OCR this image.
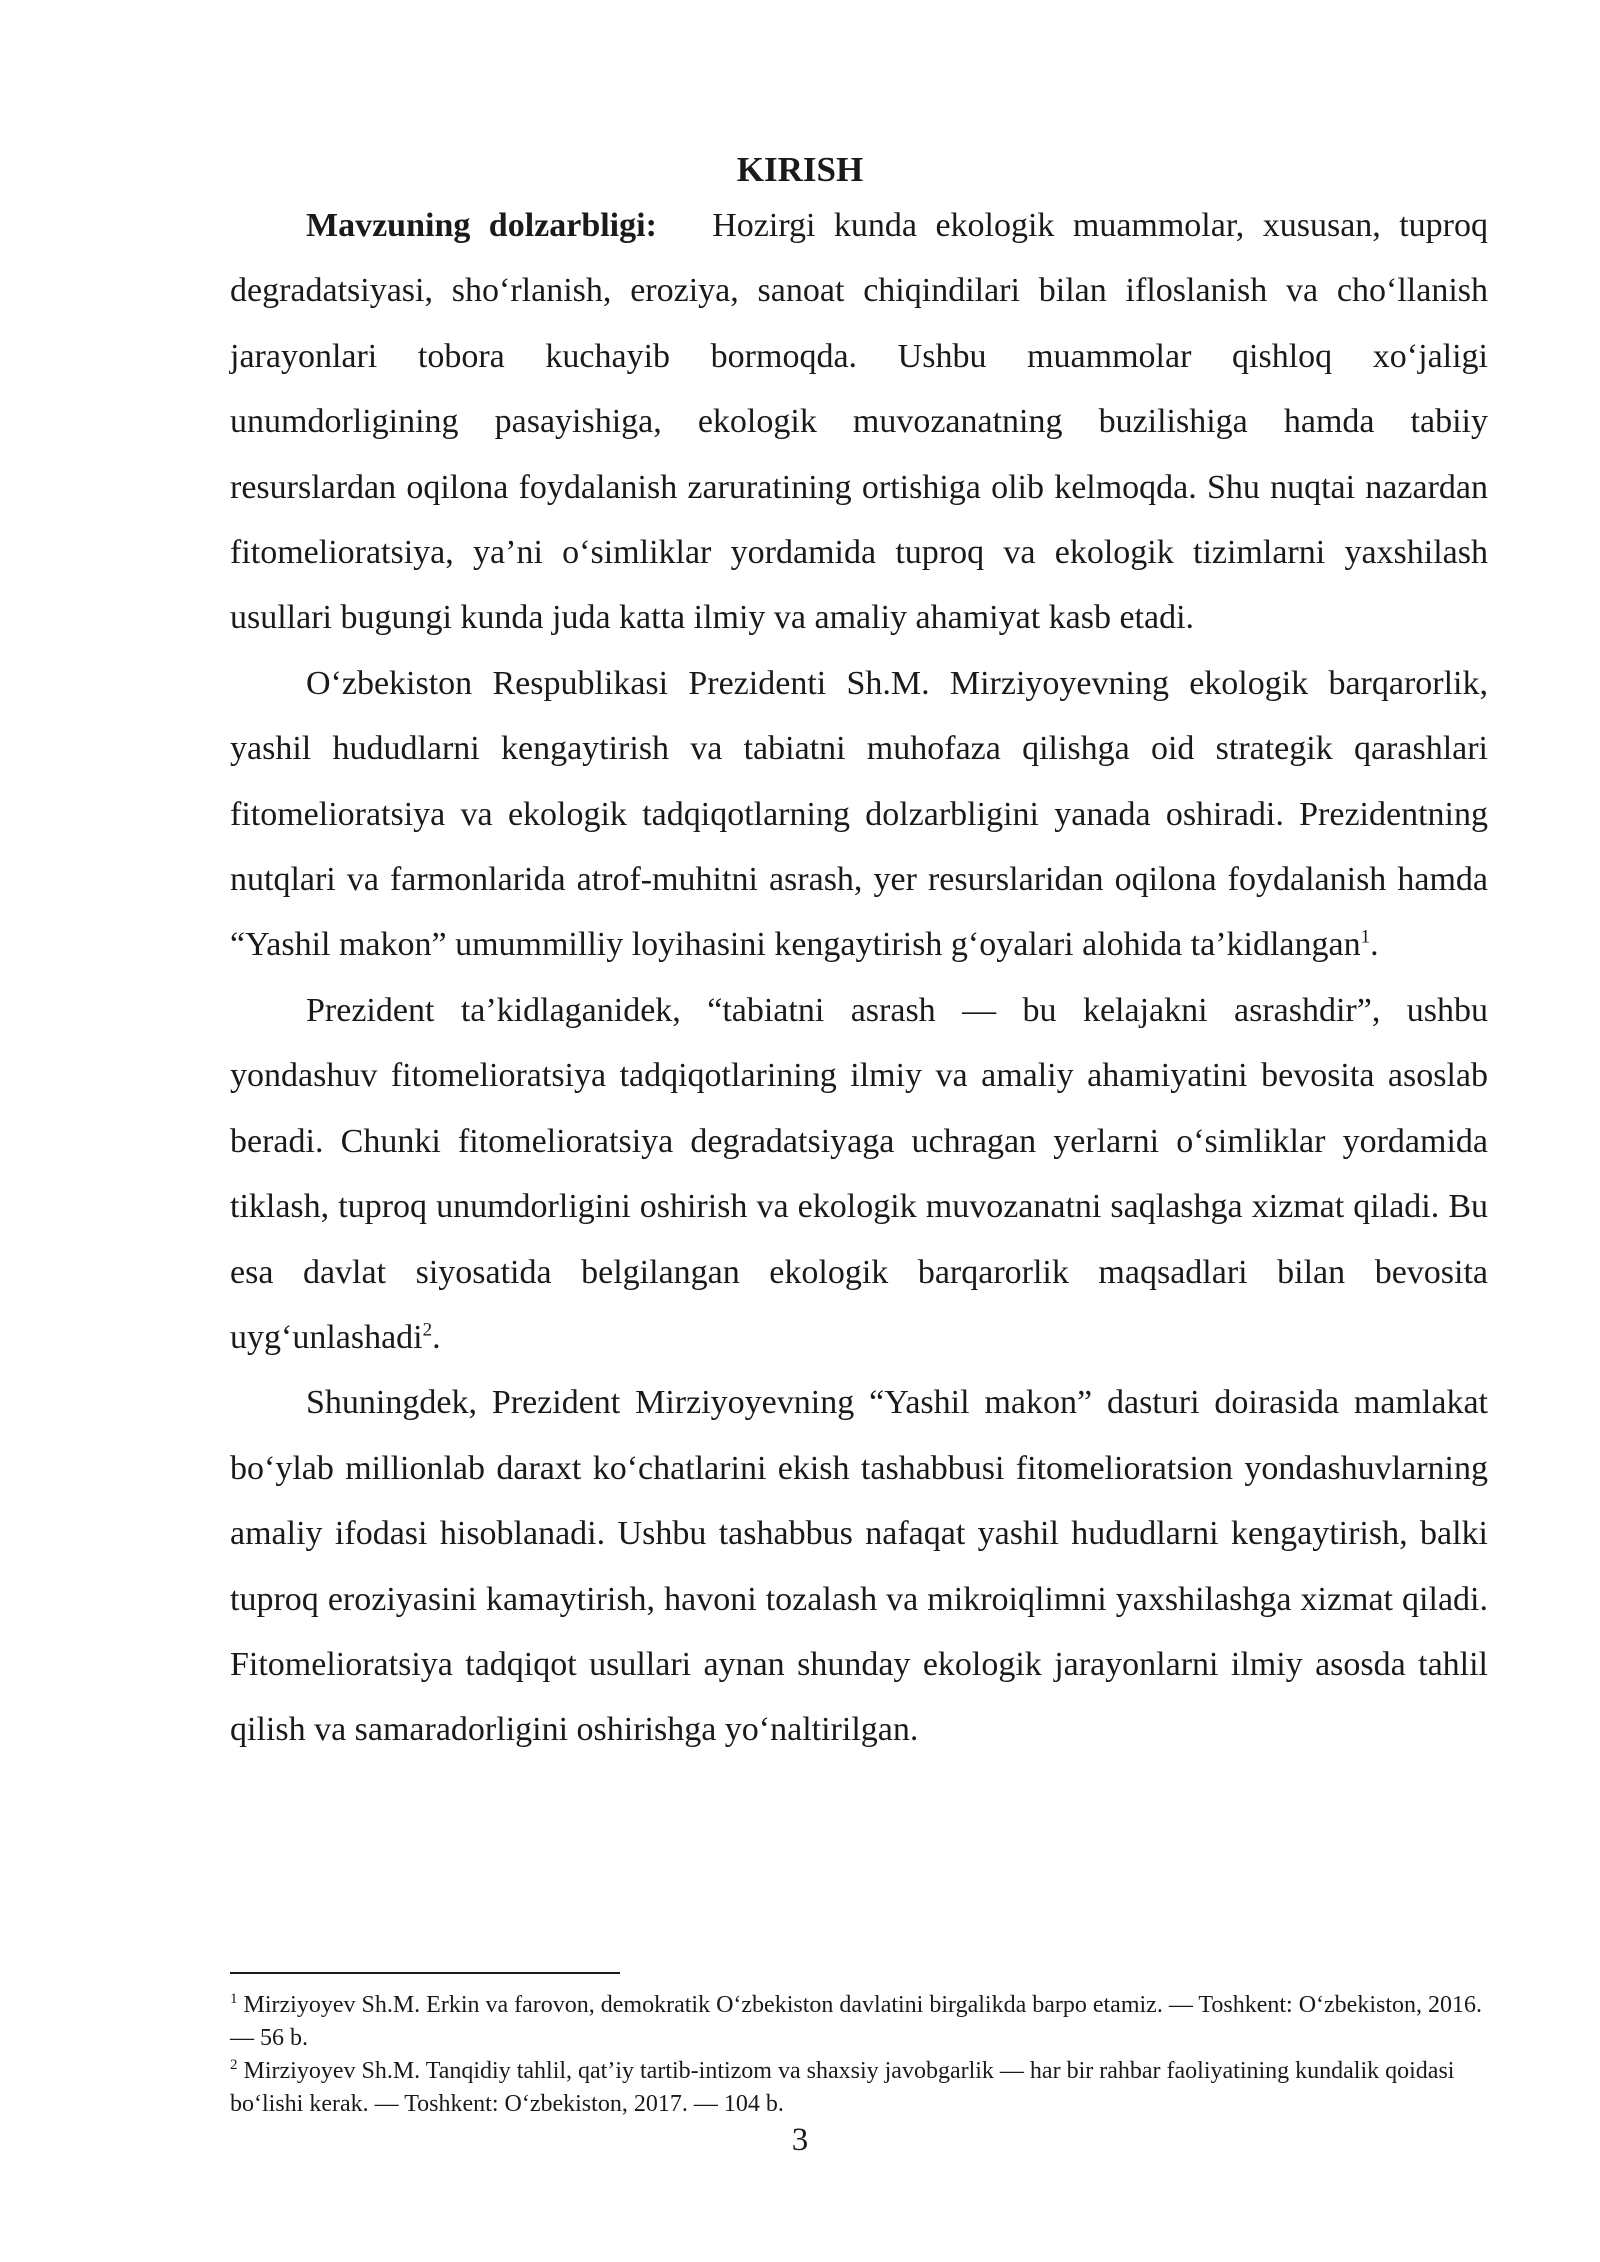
KIRISH

Mavzuning dolzarbligi: Hozirgi kunda ekologik muammolar, xususan, tuproq degradatsiyasi, sho‘rlanish, eroziya, sanoat chiqindilari bilan ifloslanish va cho‘llanish jarayonlari tobora kuchayib bormoqda. Ushbu muammolar qishloq xo‘jaligi unumdorligining pasayishiga, ekologik muvozanatning buzilishiga hamda tabiiy resurslardan oqilona foydalanish zaruratining ortishiga olib kelmoqda. Shu nuqtai nazardan fitomelioratsiya, ya’ni o‘simliklar yordamida tuproq va ekologik tizimlarni yaxshilash usullari bugungi kunda juda katta ilmiy va amaliy ahamiyat kasb etadi.

O‘zbekiston Respublikasi Prezidenti Sh.M. Mirziyoyevning ekologik barqarorlik, yashil hududlarni kengaytirish va tabiatni muhofaza qilishga oid strategik qarashlari fitomelioratsiya va ekologik tadqiqotlarning dolzarbligini yanada oshiradi. Prezidentning nutqlari va farmonlarida atrof-muhitni asrash, yer resurslaridan oqilona foydalanish hamda “Yashil makon” umummilliy loyihasini kengaytirish g‘oyalari alohida ta’kidlangan$^1$.

Prezident ta’kidlaganidek, “tabiatni asrash — bu kelajakni asrashdir”, ushbu yondashuv fitomelioratsiya tadqiqotlarining ilmiy va amaliy ahamiyatini bevosita asoslab beradi. Chunki fitomelioratsiya degradatsiyaga uchragan yerlarni o‘simliklar yordamida tiklash, tuproq unumdorligini oshirish va ekologik muvozanatni saqlashga xizmat qiladi. Bu esa davlat siyosatida belgilangan ekologik barqarorlik maqsadlari bilan bevosita uyg‘unlashadi$^2$.

Shuningdek, Prezident Mirziyoyevning “Yashil makon” dasturi doirasida mamlakat bo‘ylab millionlab daraxt ko‘chatlarini ekish tashabbusi fitomelioratsion yondashuvlarning amaliy ifodasi hisoblanadi. Ushbu tashabbus nafaqat yashil hududlarni kengaytirish, balki tuproq eroziyasini kamaytirish, havoni tozalash va mikroiqlimni yaxshilashga xizmat qiladi. Fitomelioratsiya tadqiqot usullari aynan shunday ekologik jarayonlarni ilmiy asosda tahlil qilish va samaradorligini oshirishga yo‘naltirilgan.

$^1$ Mirziyoyev Sh.M. Erkin va farovon, demokratik O‘zbekiston davlatini birgalikda barpo etamiz. — Toshkent: O‘zbekiston, 2016. — 56 b.

$^2$ Mirziyoyev Sh.M. Tanqidiy tahlil, qat’iy tartib-intizom va shaxsiy javobgarlik — har bir rahbar faoliyatining kundalik qoidasi bo‘lishi kerak. — Toshkent: O‘zbekiston, 2017. — 104 b.

3
